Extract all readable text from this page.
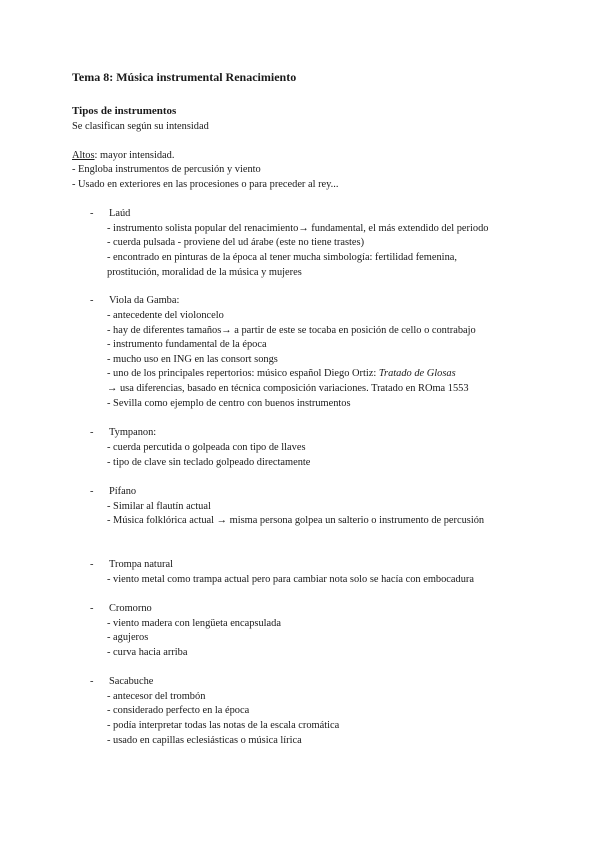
Tema 8: Música instrumental Renacimiento
Tipos de instrumentos
Se clasifican según su intensidad
Altos: mayor intensidad.
- Engloba instrumentos de percusión y viento
- Usado en exteriores en las procesiones o para preceder al rey...
- Laúd
- instrumento solista popular del renacimiento→ fundamental, el más extendido del periodo
- cuerda pulsada - proviene del ud árabe (este no tiene trastes)
- encontrado en pinturas de la época al tener mucha simbología: fertilidad femenina,
prostitución, moralidad de la música y mujeres
- Viola da Gamba:
- antecedente del violoncelo
- hay de diferentes tamaños→ a partir de este se tocaba en posición de cello o contrabajo
- instrumento fundamental de la época
- mucho uso en ING en las consort songs
- uno de los principales repertorios: músico español Diego Ortiz: Tratado de Glosas
→ usa diferencias, basado en técnica composición variaciones. Tratado en ROma 1553
- Sevilla como ejemplo de centro con buenos instrumentos
- Tympanon:
- cuerda percutida o golpeada con tipo de llaves
- tipo de clave sin teclado golpeado directamente
- Pífano
- Similar al flautín actual
- Música folklórica actual → misma persona golpea un salterio o instrumento de percusión
- Trompa natural
- viento metal como trampa actual pero para cambiar nota solo se hacía con embocadura
- Cromorno
- viento madera con lengüeta encapsulada
- agujeros
- curva hacia arriba
- Sacabuche
- antecesor del trombón
- considerado perfecto en la época
- podía interpretar todas las notas de la escala cromática
- usado en capillas eclesiásticas o música lírica
